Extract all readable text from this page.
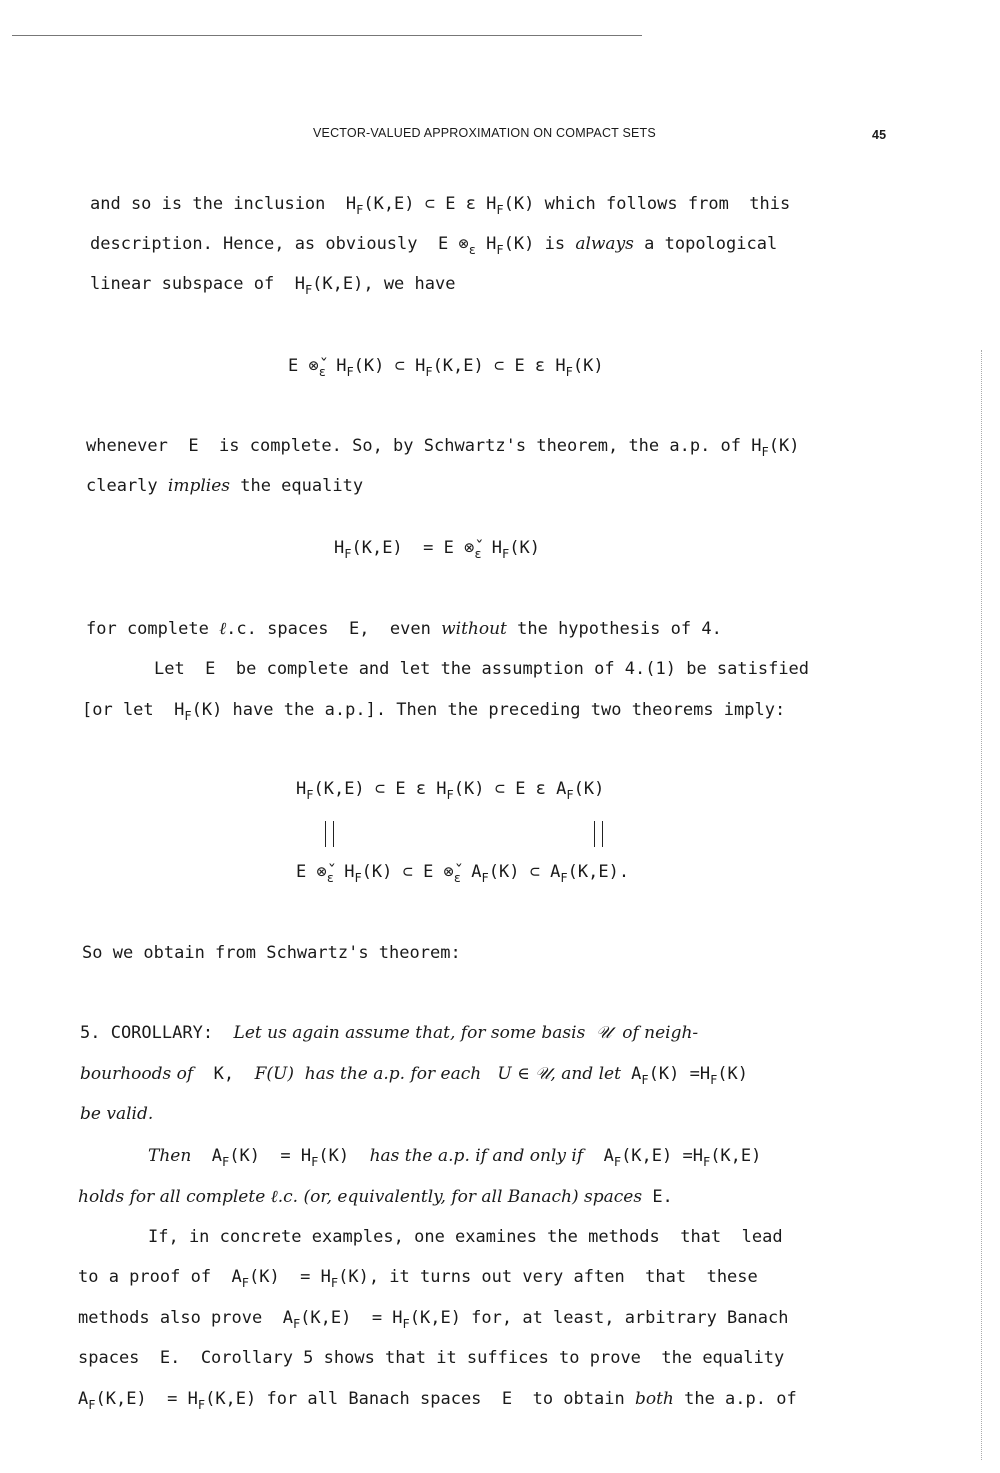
VECTOR-VALUED APPROXIMATION ON COMPACT SETS	45
and so is the inclusion  $H_F(K,E)$ ⊂ E ε $H_F(K)$ which follows from  this
description. Hence, as obviously  E $\otimes_\varepsilon$ $H_F(K)$ is always a topological
linear subspace of  $H_F(K,E)$, we have
E $\otimeš_\varepsilon$ $H_F(K)$ ⊂ $H_F(K,E)$ ⊂ E ε $H_F(K)$
whenever  E  is complete. So, by Schwartz's theorem, the a.p. of $H_F(K)$
clearly implies the equality
$H_F(K,E) = E$ $\otimeš_\varepsilon$ $H_F(K)$
for complete ℓ.c. spaces  E,  even without the hypothesis of 4.
Let  E  be complete and let the assumption of 4.(1) be satisfied
[or let  $H_F(K)$ have the a.p.]. Then the preceding two theorems imply:
$H_F(K,E)$ ⊂ E ε $H_F(K)$ ⊂ E ε $A_F(K)$
E $\otimeš_\varepsilon$ $H_F(K)$ ⊂ E $\otimeš_\varepsilon$ $A_F(K)$ ⊂ $A_F(K,E)$.
So we obtain from Schwartz's theorem:
5. COROLLARY:  Let us again assume that, for some basis  𝒰  of neigh-
bourhoods of  K,  F(U)  has the a.p. for each   U ∈ 𝒰, and let $A_F(K) =H_F(K)$
be valid.
Then  $A_F(K) = H_F(K)$  has the a.p. if and only if  $A_F(K,E) =H_F(K,E)$
holds for all complete ℓ.c. (or, equivalently, for all Banach) spaces E.
If, in concrete examples, one examines the methods  that  lead
to a proof of  $A_F(K) = H_F(K)$, it turns out very aften  that  these
methods also prove  $A_F(K,E) = H_F(K,E)$ for, at least, arbitrary Banach
spaces  E.  Corollary 5 shows that it suffices to prove  the equality
$A_F(K,E) = H_F(K,E)$ for all Banach spaces  E  to obtain both the a.p. of
